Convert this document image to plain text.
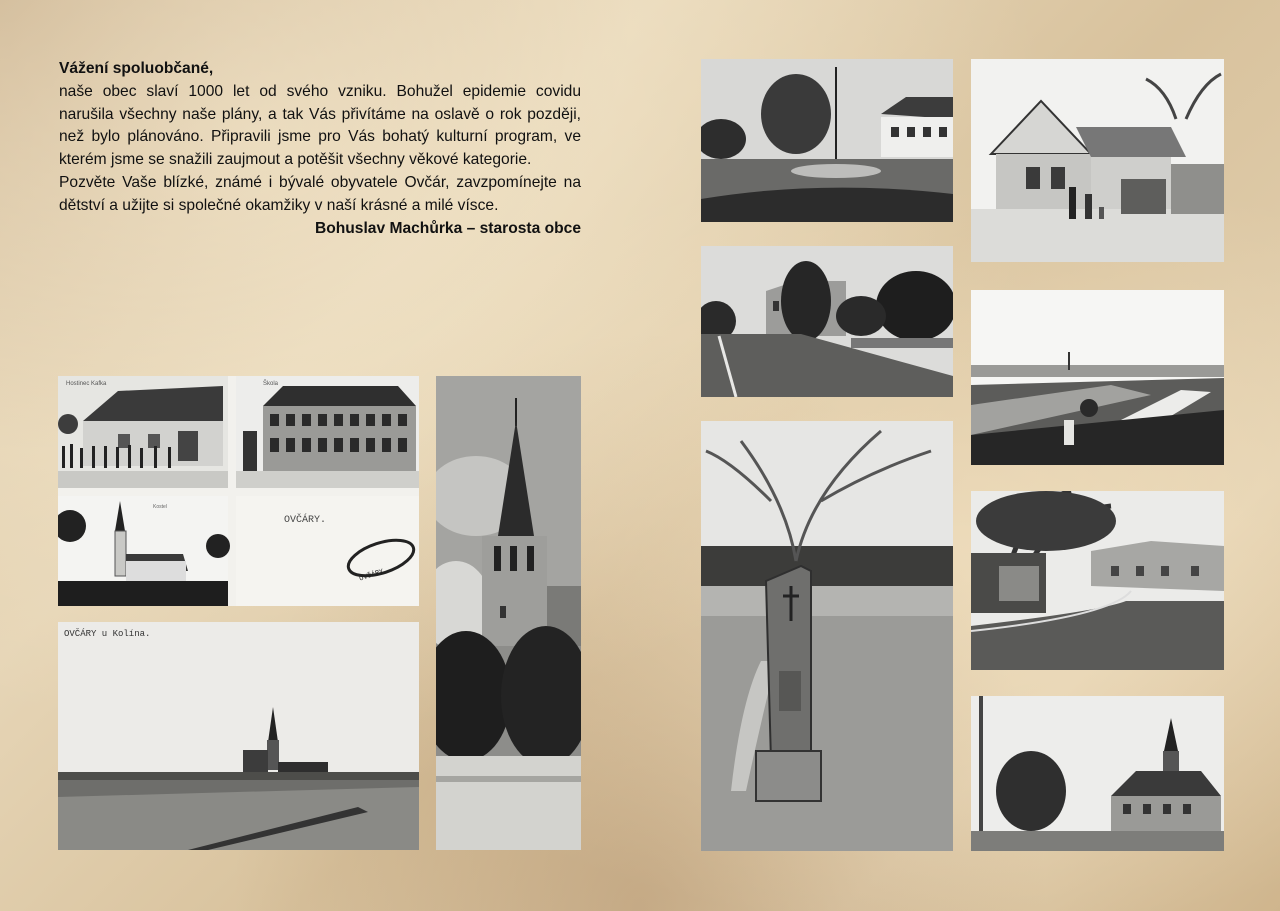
Vážení spoluobčané,

naše obec slaví 1000 let od svého vzniku. Bohužel epidemie covidu narušila všechny naše plány, a tak Vás přivítáme na oslavě o rok později, než bylo plánováno. Připravili jsme pro Vás bohatý kulturní program, ve kterém jsme se snažili zaujmout a potěšit všechny věkové kategorie.

Pozvěte Vaše blízké, známé i bývalé obyvatele Ovčár, zavzpomínejte na dětství a užijte si společné okamžiky v naší krásné a milé vísce.

Bohuslav Machůrka – starosta obce

Hostinec Kafka	Škola
Kostel
OVČÁRY.
OVČÁRY
OVČÁRY u Kolína.
